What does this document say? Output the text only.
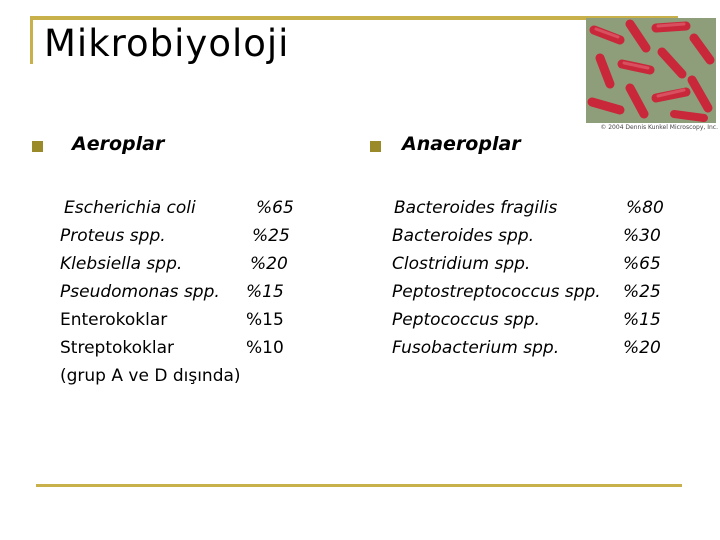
Mikrobiyoloji
© 2004 Dennis Kunkel Microscopy, Inc.
Aeroplar
Escherichia coli	%65
Proteus spp.	%25
Klebsiella spp.	%20
Pseudomonas spp. %15
Enterokoklar	%15
Streptokoklar	%10
(grup A ve D dışında)
Anaeroplar
Bacteroides fragilis	%80
Bacteroides spp.	%30
Clostridium spp.	%65
Peptostreptococcus spp. %25
Peptococcus spp.	%15
Fusobacterium spp.	%20
